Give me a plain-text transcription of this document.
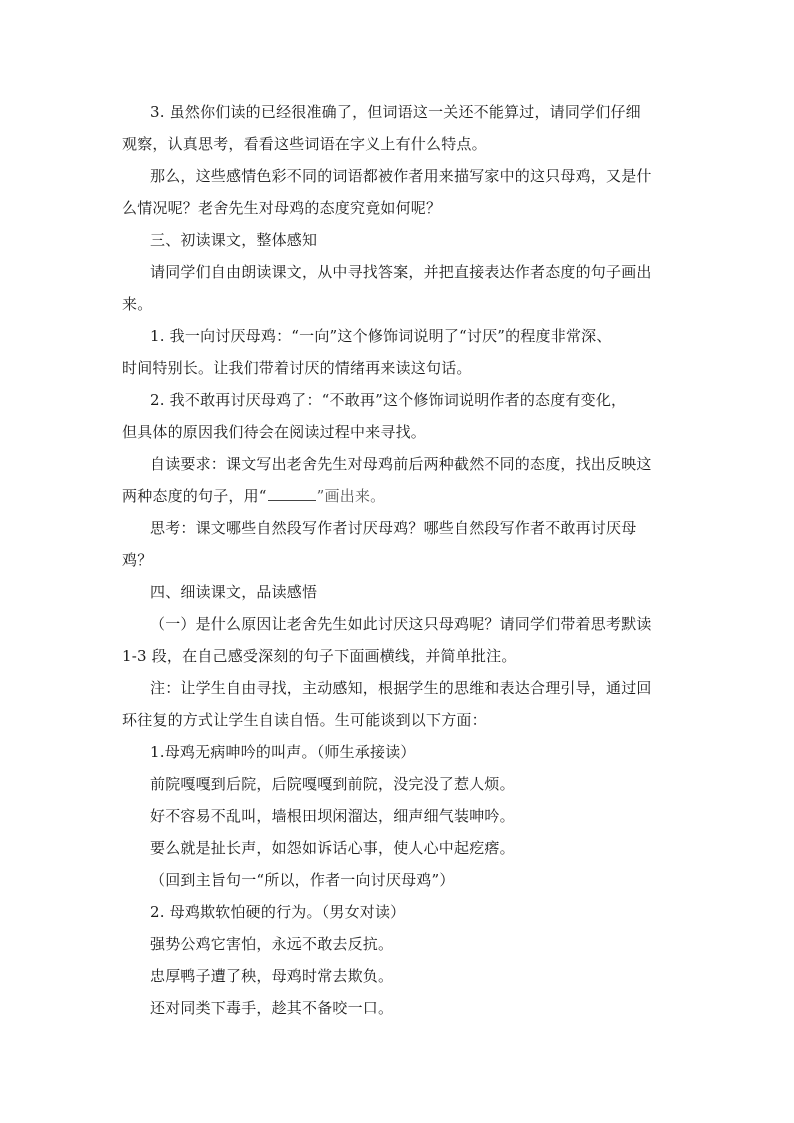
3. 虽然你们读的已经很准确了，但词语这一关还不能算过，请同学们仔细
观察，认真思考，看看这些词语在字义上有什么特点。
那么，这些感情色彩不同的词语都被作者用来描写家中的这只母鸡，又是什
么情况呢？老舍先生对母鸡的态度究竟如何呢？
三、初读课文，整体感知
请同学们自由朗读课文，从中寻找答案，并把直接表达作者态度的句子画出
来。
1. 我一向讨厌母鸡：“一向”这个修饰词说明了“讨厌”的程度非常深、
时间特别长。让我们带着讨厌的情绪再来读这句话。
2. 我不敢再讨厌母鸡了：“不敢再”这个修饰词说明作者的态度有变化，
但具体的原因我们待会在阅读过程中来寻找。
自读要求：课文写出老舍先生对母鸡前后两种截然不同的态度，找出反映这
两种态度的句子，用“	”画出来。
思考：课文哪些自然段写作者讨厌母鸡？哪些自然段写作者不敢再讨厌母
鸡？
四、细读课文，品读感悟
（一）是什么原因让老舍先生如此讨厌这只母鸡呢？请同学们带着思考默读
1-3 段，在自己感受深刻的句子下面画横线，并简单批注。
注：让学生自由寻找，主动感知，根据学生的思维和表达合理引导，通过回
环往复的方式让学生自读自悟。生可能谈到以下方面：
1.母鸡无病呻吟的叫声。（师生承接读）
前院嘎嘎到后院，后院嘎嘎到前院，没完没了惹人烦。
好不容易不乱叫，墙根田坝闲溜达，细声细气装呻吟。
要么就是扯长声，如怨如诉话心事，使人心中起疙瘩。
（回到主旨句一“所以，作者一向讨厌母鸡”）
2. 母鸡欺软怕硬的行为。（男女对读）
强势公鸡它害怕，永远不敢去反抗。
忠厚鸭子遭了秧，母鸡时常去欺负。
还对同类下毒手，趁其不备咬一口。
